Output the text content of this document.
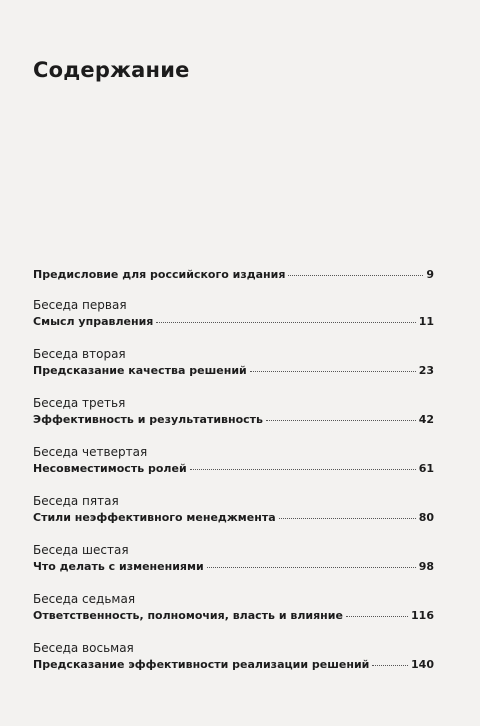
Содержание
Предисловие для российского издания	9
Беседа первая
Смысл управления	11
Беседа вторая
Предсказание качества решений	23
Беседа третья
Эффективность и результативность	42
Беседа четвертая
Несовместимость ролей	61
Беседа пятая
Стили неэффективного менеджмента	80
Беседа шестая
Что делать с изменениями	98
Беседа седьмая
Ответственность, полномочия, власть и влияние	116
Беседа восьмая
Предсказание эффективности реализации решений	140
